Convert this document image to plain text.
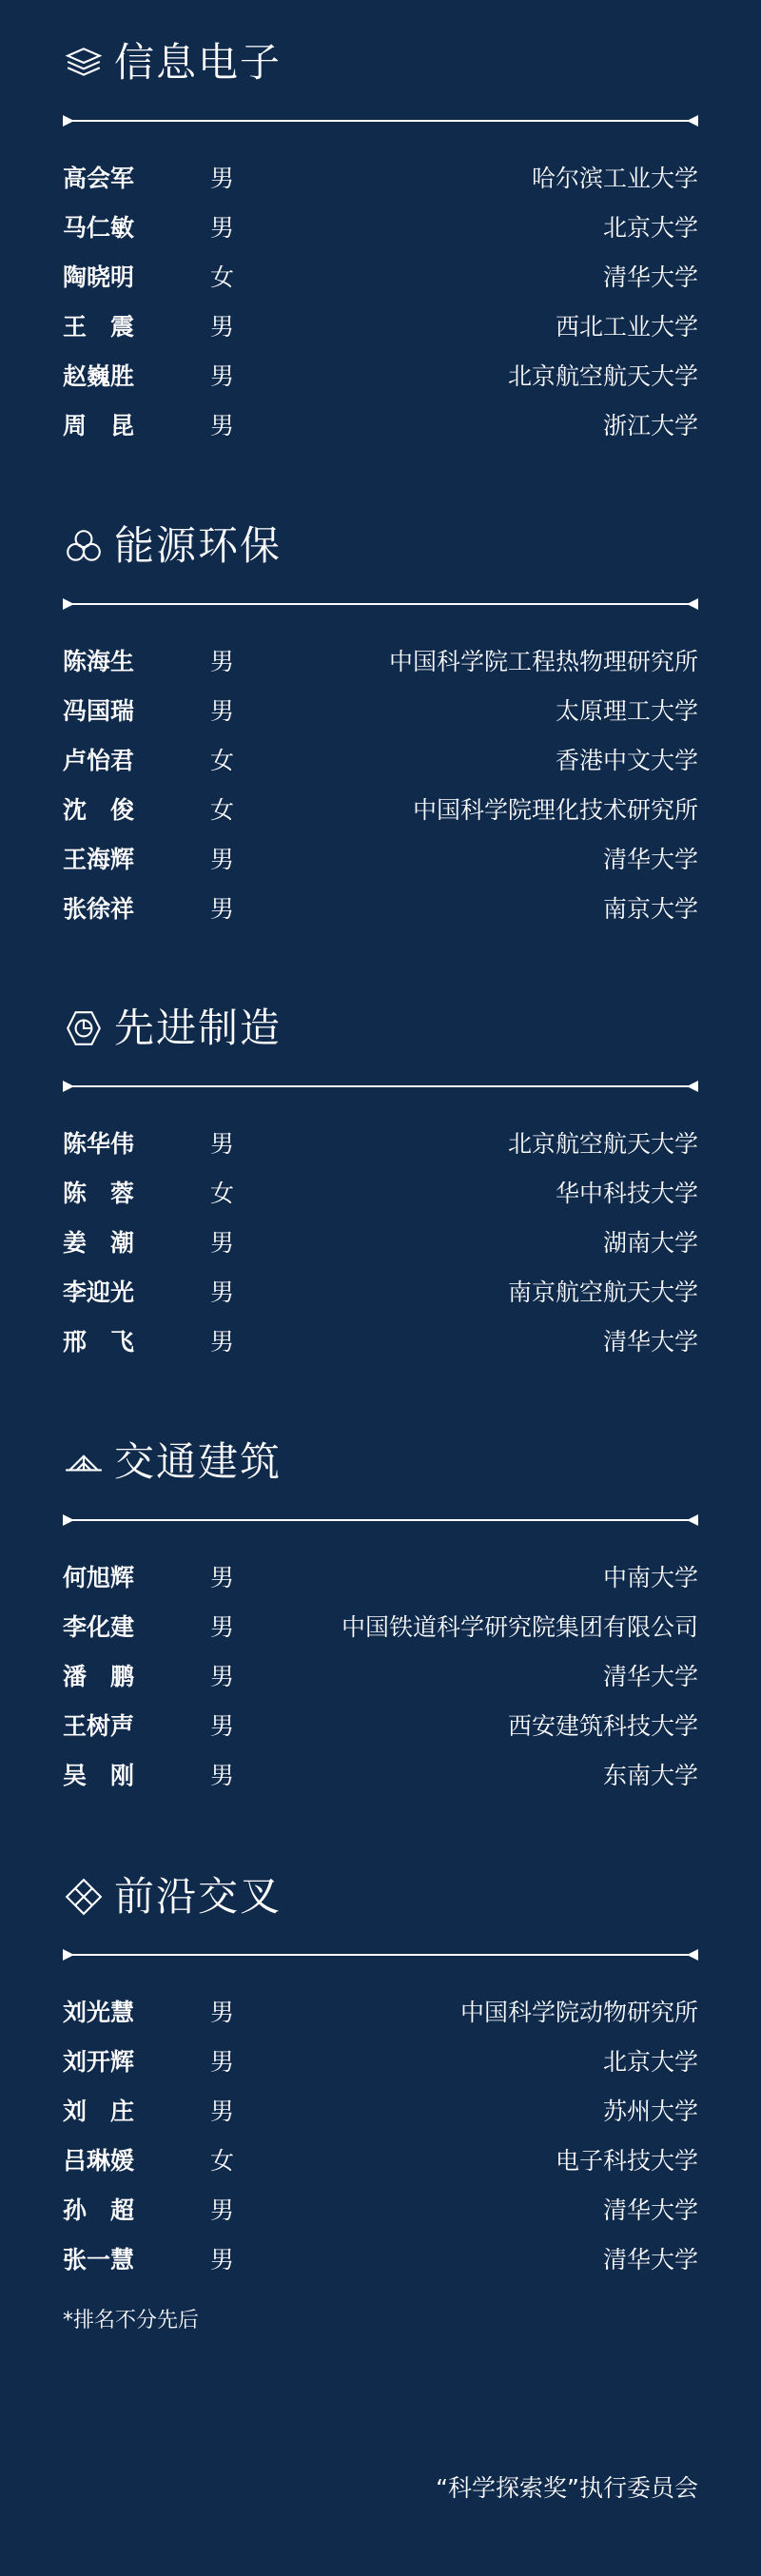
信息电子
高会军	男	哈尔滨工业大学
马仁敏	男	北京大学
陶晓明	女	清华大学
王　震	男	西北工业大学
赵巍胜	男	北京航空航天大学
周　昆	男	浙江大学
能源环保
陈海生	男	中国科学院工程热物理研究所
冯国瑞	男	太原理工大学
卢怡君	女	香港中文大学
沈　俊	女	中国科学院理化技术研究所
王海辉	男	清华大学
张徐祥	男	南京大学
先进制造
陈华伟	男	北京航空航天大学
陈　蓉	女	华中科技大学
姜　潮	男	湖南大学
李迎光	男	南京航空航天大学
邢　飞	男	清华大学
交通建筑
何旭辉	男	中南大学
李化建	男	中国铁道科学研究院集团有限公司
潘　鹏	男	清华大学
王树声	男	西安建筑科技大学
吴　刚	男	东南大学
前沿交叉
刘光慧	男	中国科学院动物研究所
刘开辉	男	北京大学
刘　庄	男	苏州大学
吕琳媛	女	电子科技大学
孙　超	男	清华大学
张一慧	男	清华大学
*排名不分先后
“科学探索奖”执行委员会
